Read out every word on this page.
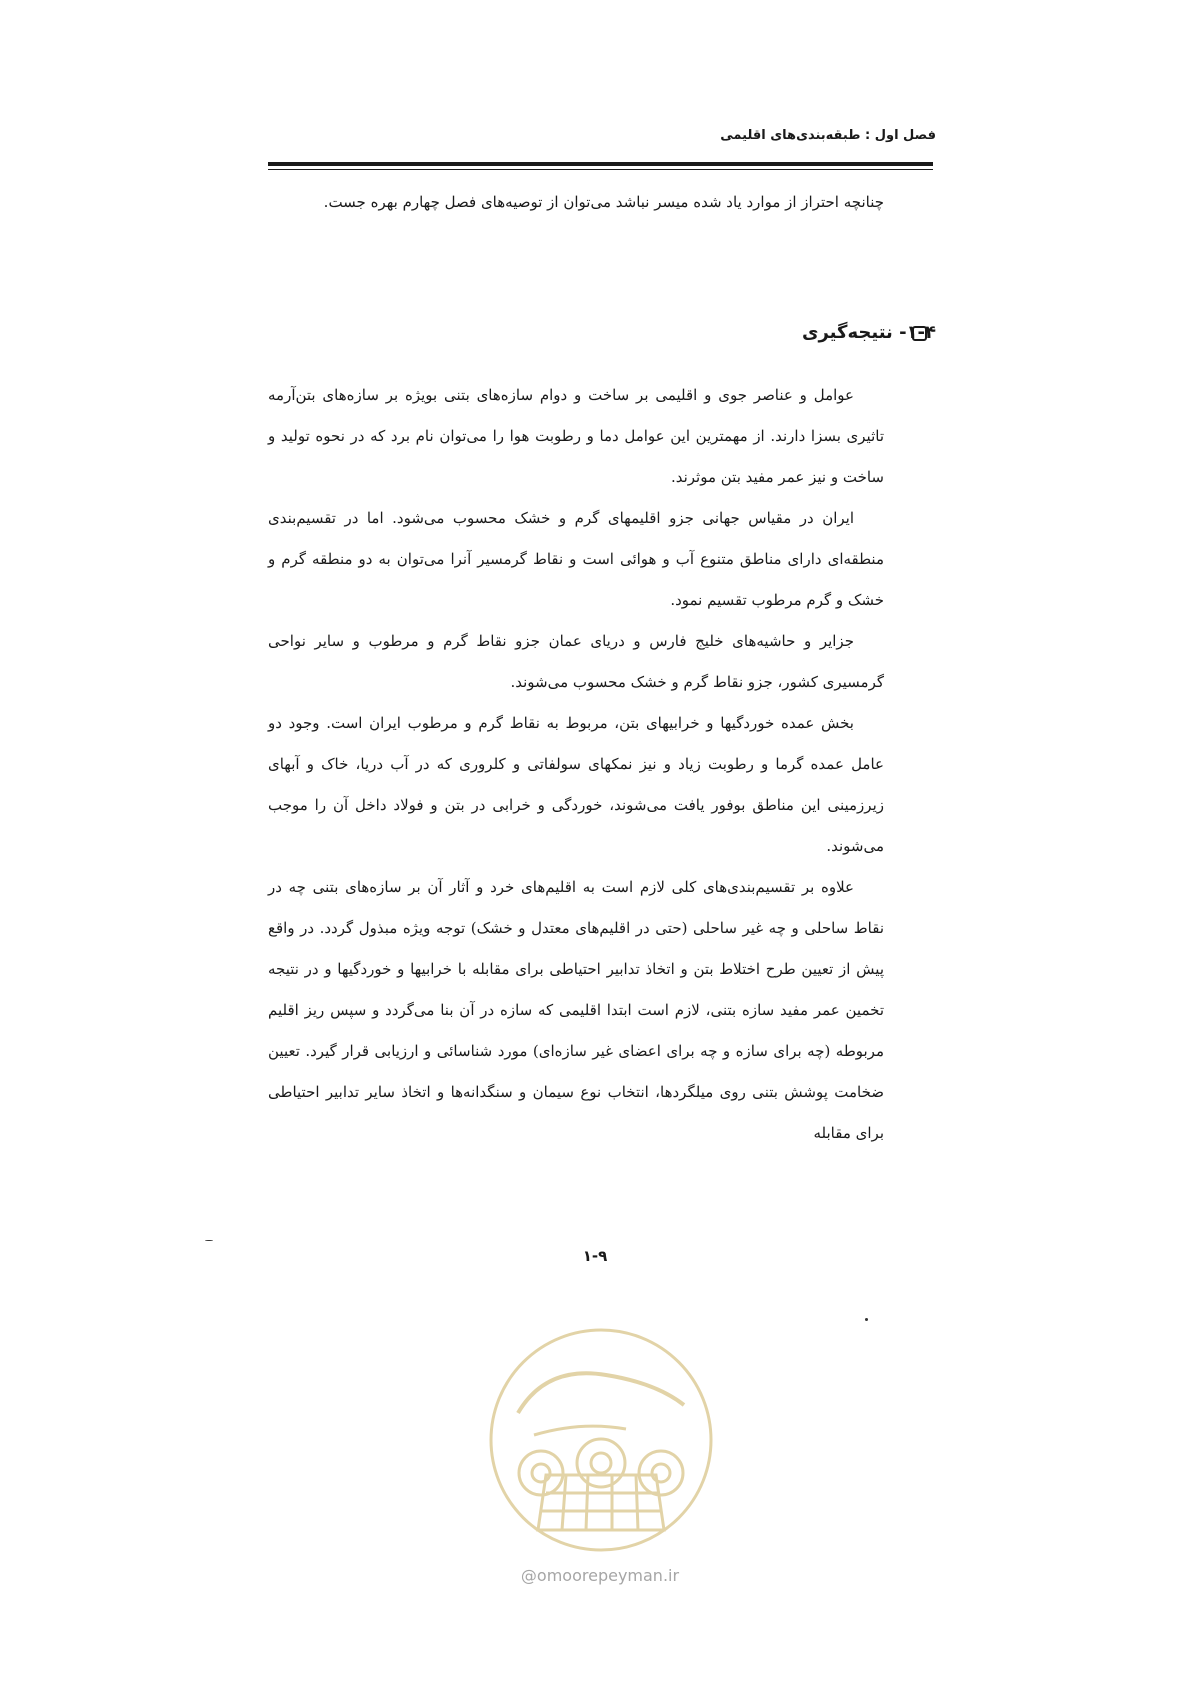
فصل اول : طبقه‌بندی‌های اقلیمی

چنانچه احتراز از موارد یاد شده میسر نباشد می‌توان از توصیه‌های فصل چهارم بهره جست.

۱-۴- نتیجه‌گیری

عوامل و عناصر جوی و اقلیمی بر ساخت و دوام سازه‌های بتنی بویژه بر سازه‌های بتن‌آرمه تاثیری بسزا دارند. از مهمترین این عوامل دما و رطوبت هوا را می‌توان نام برد که در نحوه تولید و ساخت و نیز عمر مفید بتن موثرند.

ایران در مقیاس جهانی جزو اقلیمهای گرم و خشک محسوب می‌شود. اما در تقسیم‌بندی منطقه‌ای دارای مناطق متنوع آب و هوائی است و نقاط گرمسیر آنرا می‌توان به دو منطقه گرم و خشک و گرم مرطوب تقسیم نمود.

جزایر و حاشیه‌های خلیج فارس و دریای عمان جزو نقاط گرم و مرطوب و سایر نواحی گرمسیری کشور، جزو نقاط گرم و خشک محسوب می‌شوند.

بخش عمده خوردگیها و خرابیهای بتن، مربوط به نقاط گرم و مرطوب ایران است. وجود دو عامل عمده گرما و رطوبت زیاد و نیز نمکهای سولفاتی و کلروری که در آب دریا، خاک و آبهای زیرزمینی این مناطق بوفور یافت می‌شوند، خوردگی و خرابی در بتن و فولاد داخل آن را موجب می‌شوند.

علاوه بر تقسیم‌بندی‌های کلی لازم است به اقلیم‌های خرد و آثار آن بر سازه‌های بتنی چه در نقاط ساحلی و چه غیر ساحلی (حتی در اقلیم‌های معتدل و خشک) توجه ویژه مبذول گردد. در واقع پیش از تعیین طرح اختلاط بتن و اتخاذ تدابیر احتیاطی برای مقابله با خرابیها و خوردگیها و در نتیجه تخمین عمر مفید سازه بتنی، لازم است ابتدا اقلیمی که سازه در آن بنا می‌گردد و سپس ریز اقلیم مربوطه (چه برای سازه و چه برای اعضای غیر سازه‌ای) مورد شناسائی و ارزیابی قرار گیرد. تعیین ضخامت پوشش بتنی روی میلگردها، انتخاب نوع سیمان و سنگدانه‌ها و اتخاذ سایر تدابیر احتیاطی برای مقابله

۱-۹
@omoorepeyman.ir
